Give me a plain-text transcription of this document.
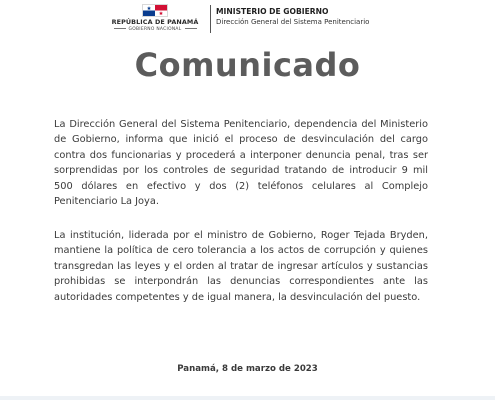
REPÚBLICA DE PANAMÁ
GOBIERNO NACIONAL
MINISTERIO DE GOBIERNO
Dirección General del Sistema Penitenciario
Comunicado
La Dirección General del Sistema Penitenciario, dependencia del Ministerio de Gobierno, informa que inició el proceso de desvinculación del cargo contra dos funcionarias y procederá a interponer denuncia penal, tras ser sorprendidas por los controles de seguridad tratando de introducir 9 mil 500 dólares en efectivo y dos (2) teléfonos celulares al Complejo Penitenciario La Joya.
La institución, liderada por el ministro de Gobierno, Roger Tejada Bryden, mantiene la política de cero tolerancia a los actos de corrupción y quienes transgredan las leyes y el orden al tratar de ingresar artículos y sustancias prohibidas se interpondrán las denuncias correspondientes ante las autoridades competentes y de igual manera, la desvinculación del puesto.
Panamá, 8 de marzo de 2023
